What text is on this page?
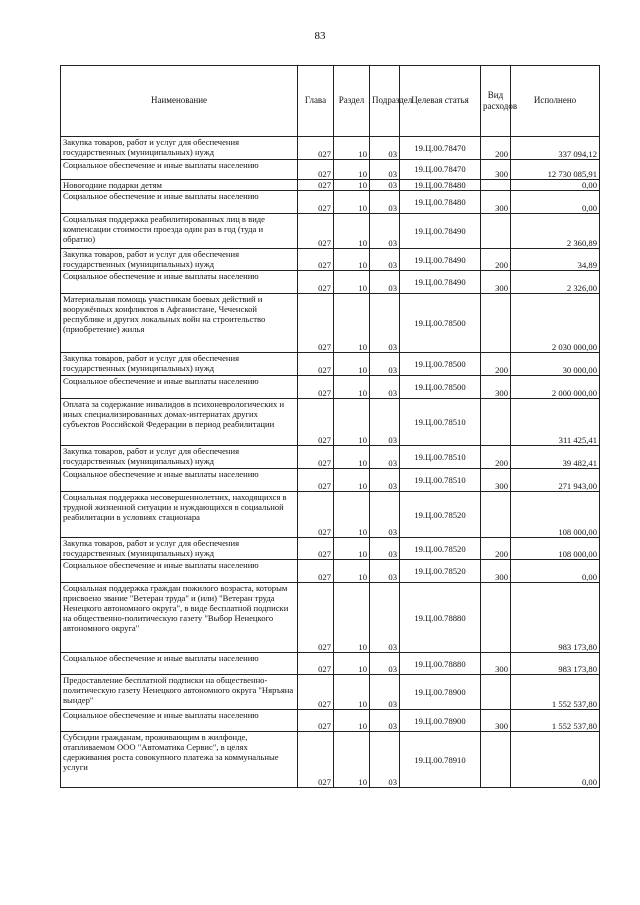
83
Наименование	Глава	Раздел	Подраздел	Целевая статья	Вид расходов	Исполнено
Закупка товаров, работ и услуг для обеспечения государственных (муниципальных) нужд	027	10	03	19.Ц.00.78470	200	337 094,12
Социальное обеспечение и иные выплаты населению	027	10	03	19.Ц.00.78470	300	12 730 085,91
Новогодние подарки детям	027	10	03	19.Ц.00.78480		0,00
Социальное обеспечение и иные выплаты населению	027	10	03	19.Ц.00.78480	300	0,00
Социальная поддержка реабилитированных лиц в виде компенсации стоимости проезда один раз в год (туда и обратно)	027	10	03	19.Ц.00.78490		2 360,89
Закупка товаров, работ и услуг для обеспечения государственных (муниципальных) нужд	027	10	03	19.Ц.00.78490	200	34,89
Социальное обеспечение и иные выплаты населению	027	10	03	19.Ц.00.78490	300	2 326,00
Материальная помощь участникам боевых действий и вооружённых конфликтов в Афганистане, Чеченской республике и других локальных войн на строительство (приобретение) жилья	027	10	03	19.Ц.00.78500		2 030 000,00
Закупка товаров, работ и услуг для обеспечения государственных (муниципальных) нужд	027	10	03	19.Ц.00.78500	200	30 000,00
Социальное обеспечение и иные выплаты населению	027	10	03	19.Ц.00.78500	300	2 000 000,00
Оплата за содержание инвалидов в психоневрологических и иных специализированных домах-интернатах других субъектов Российской Федерации в период реабилитации	027	10	03	19.Ц.00.78510		311 425,41
Закупка товаров, работ и услуг для обеспечения государственных (муниципальных) нужд	027	10	03	19.Ц.00.78510	200	39 482,41
Социальное обеспечение и иные выплаты населению	027	10	03	19.Ц.00.78510	300	271 943,00
Социальная поддержка несовершеннолетних, находящихся в трудной жизненной ситуации и нуждающихся в социальной реабилитации в условиях стационара	027	10	03	19.Ц.00.78520		108 000,00
Закупка товаров, работ и услуг для обеспечения государственных (муниципальных) нужд	027	10	03	19.Ц.00.78520	200	108 000,00
Социальное обеспечение и иные выплаты населению	027	10	03	19.Ц.00.78520	300	0,00
Социальная поддержка граждан пожилого возраста, которым присвоено звание "Ветеран труда" и (или) "Ветеран труда Ненецкого автономного округа", в виде бесплатной подписки на общественно-политическую газету "Выбор Ненецкого автономного округа"	027	10	03	19.Ц.00.78880		983 173,80
Социальное обеспечение и иные выплаты населению	027	10	03	19.Ц.00.78880	300	983 173,80
Предоставление бесплатной подписки на общественно-политическую газету Ненецкого автономного округа "Няръяна вындер"	027	10	03	19.Ц.00.78900		1 552 537,80
Социальное обеспечение и иные выплаты населению	027	10	03	19.Ц.00.78900	300	1 552 537,80
Субсидии гражданам, проживающим в жилфонде, отапливаемом ООО "Автоматика Сервис", в целях сдерживания роста совокупного платежа за коммунальные услуги	027	10	03	19.Ц.00.78910		0,00
